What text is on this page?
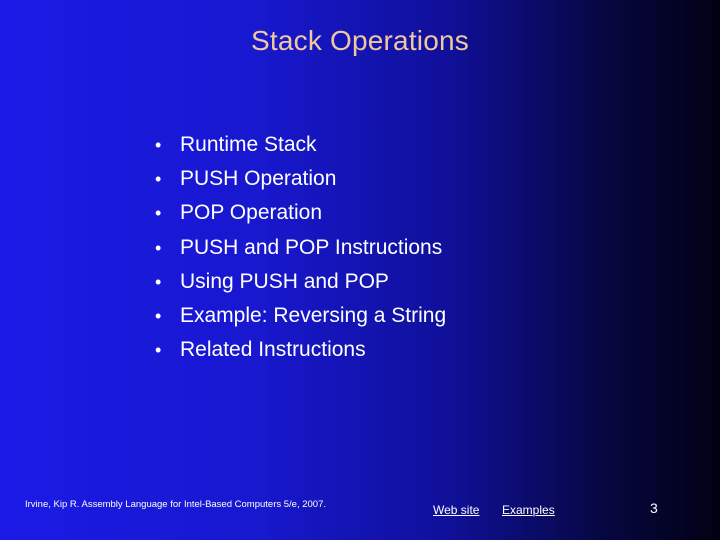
Stack Operations
• Runtime Stack
• PUSH Operation
• POP Operation
• PUSH and POP Instructions
• Using PUSH and POP
• Example: Reversing a String
• Related Instructions
Irvine, Kip R. Assembly Language for Intel-Based Computers 5/e, 2007.	Web site Examples	3
